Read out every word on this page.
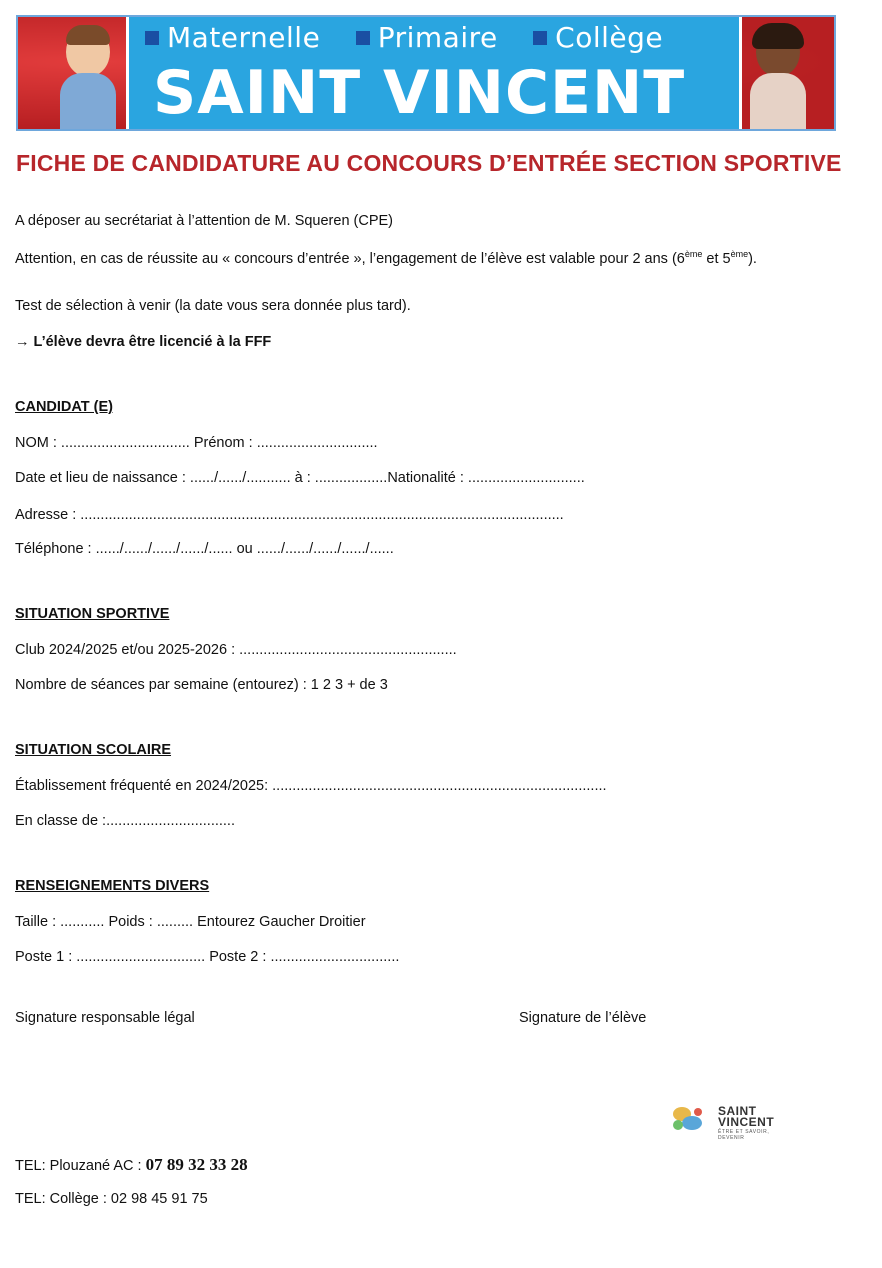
Maternelle Primaire Collège
SAINT VINCENT
FICHE DE CANDIDATURE AU CONCOURS D’ENTRÉE SECTION SPORTIVE
A déposer au secrétariat à l’attention de M. Squeren (CPE)
Attention, en cas de réussite au « concours d’entrée », l’engagement de l’élève est valable pour 2 ans (6ème et 5ème).
Test de sélection à venir (la date vous sera donnée plus tard).
→ L’élève devra être licencié à la FFF
CANDIDAT (E)
NOM : ................................ Prénom : ..............................
Date et lieu de naissance : ....../....../........... à : ..................Nationalité : .............................
Adresse : ........................................................................................................................
Téléphone : ....../....../....../....../...... ou ....../....../....../....../......
SITUATION SPORTIVE
Club 2024/2025 et/ou 2025-2026 : ......................................................
Nombre de séances par semaine (entourez) : 1 2 3 + de 3
SITUATION SCOLAIRE
Établissement fréquenté en 2024/2025: ...................................................................................
En classe de :................................
RENSEIGNEMENTS DIVERS
Taille : ........... Poids : ......... Entourez Gaucher Droitier
Poste 1 : ................................ Poste 2 : ................................
Signature responsable légal	Signature de l’élève
SAINT
VINCENT
ÊTRE ET SAVOIR, DEVENIR
TEL: Plouzané AC : 07 89 32 33 28
TEL: Collège : 02 98 45 91 75
